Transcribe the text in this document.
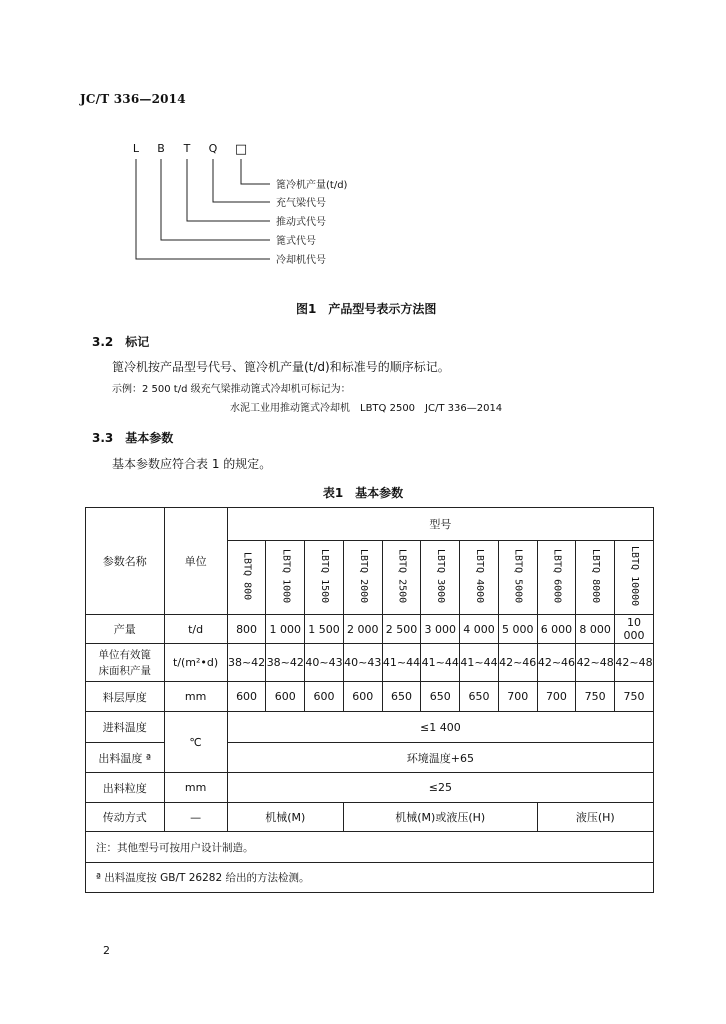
JC/T 336—2014
L B T Q □
篦冷机产量(t/d)
充气梁代号
推动式代号
篦式代号
冷却机代号
图1　产品型号表示方法图
3.2　标记
篦冷机按产品型号代号、篦冷机产量(t/d)和标准号的顺序标记。
示例：2 500 t/d 级充气梁推动篦式冷却机可标记为：
水泥工业用推动篦式冷却机　LBTQ 2500　JC/T 336—2014
3.3　基本参数
基本参数应符合表 1 的规定。
表1　基本参数
参数名称	单位	型号										
		LBTQ 800	LBTQ 1000	LBTQ 1500	LBTQ 2000	LBTQ 2500	LBTQ 3000	LBTQ 4000	LBTQ 5000	LBTQ 6000	LBTQ 8000	LBTQ 10000
产量	t/d	800	1 000	1 500	2 000	2 500	3 000	4 000	5 000	6 000	8 000	10 000

单位有效篦
床面积产量	t/(m²•d)	38~42	38~42	40~43	40~43	41~44	41~44	41~44	42~46	42~46	42~48	42~48
料层厚度	mm	600	600	600	600	650	650	650	700	700	750	750
进料温度	℃	≤1 400										
出料温度 ª		环境温度+65										
出料粒度	mm	≤25										
传动方式	—	机械(M)			机械(M)或液压(H)					液压(H)		
注：其他型号可按用户设计制造。												
ª 出料温度按 GB/T 26282 给出的方法检测。												
2
